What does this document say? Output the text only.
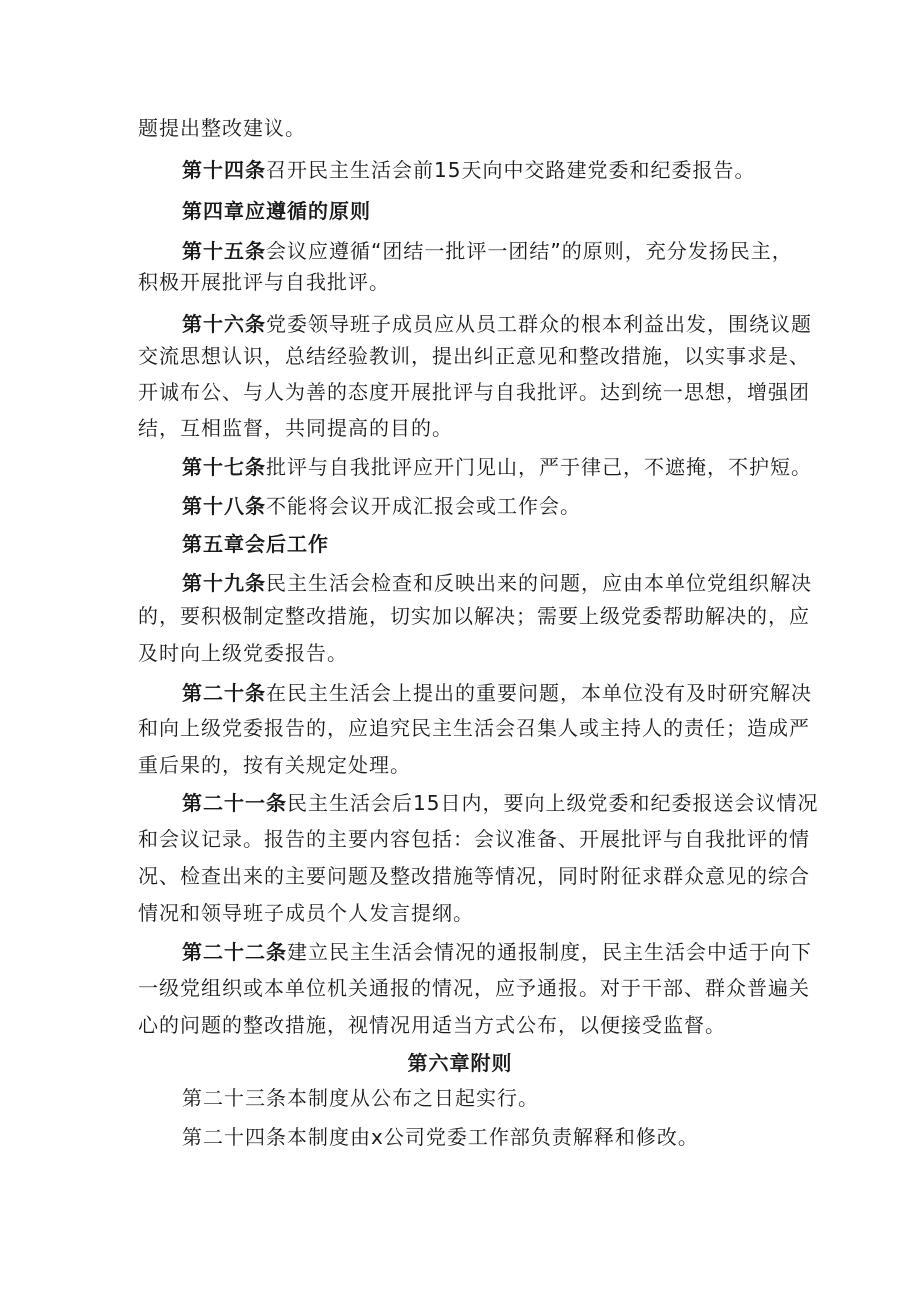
题提出整改建议。
第十四条召开民主生活会前15天向中交路建党委和纪委报告。
第四章应遵循的原则
第十五条会议应遵循“团结一批评一团结”的原则，充分发扬民主，
积极开展批评与自我批评。
第十六条党委领导班子成员应从员工群众的根本利益出发，围绕议题
交流思想认识，总结经验教训，提出纠正意见和整改措施，以实事求是、
开诚布公、与人为善的态度开展批评与自我批评。达到统一思想，增强团
结，互相监督，共同提高的目的。
第十七条批评与自我批评应开门见山，严于律己，不遮掩，不护短。
第十八条不能将会议开成汇报会或工作会。
第五章会后工作
第十九条民主生活会检查和反映出来的问题，应由本单位党组织解决
的，要积极制定整改措施，切实加以解决；需要上级党委帮助解决的，应
及时向上级党委报告。
第二十条在民主生活会上提出的重要问题，本单位没有及时研究解决
和向上级党委报告的，应追究民主生活会召集人或主持人的责任；造成严
重后果的，按有关规定处理。
第二十一条民主生活会后15日内，要向上级党委和纪委报送会议情况
和会议记录。报告的主要内容包括：会议准备、开展批评与自我批评的情
况、检查出来的主要问题及整改措施等情况，同时附征求群众意见的综合
情况和领导班子成员个人发言提纲。
第二十二条建立民主生活会情况的通报制度，民主生活会中适于向下
一级党组织或本单位机关通报的情况，应予通报。对于干部、群众普遍关
心的问题的整改措施，视情况用适当方式公布，以便接受监督。
第六章附则
第二十三条本制度从公布之日起实行。
第二十四条本制度由x公司党委工作部负责解释和修改。
